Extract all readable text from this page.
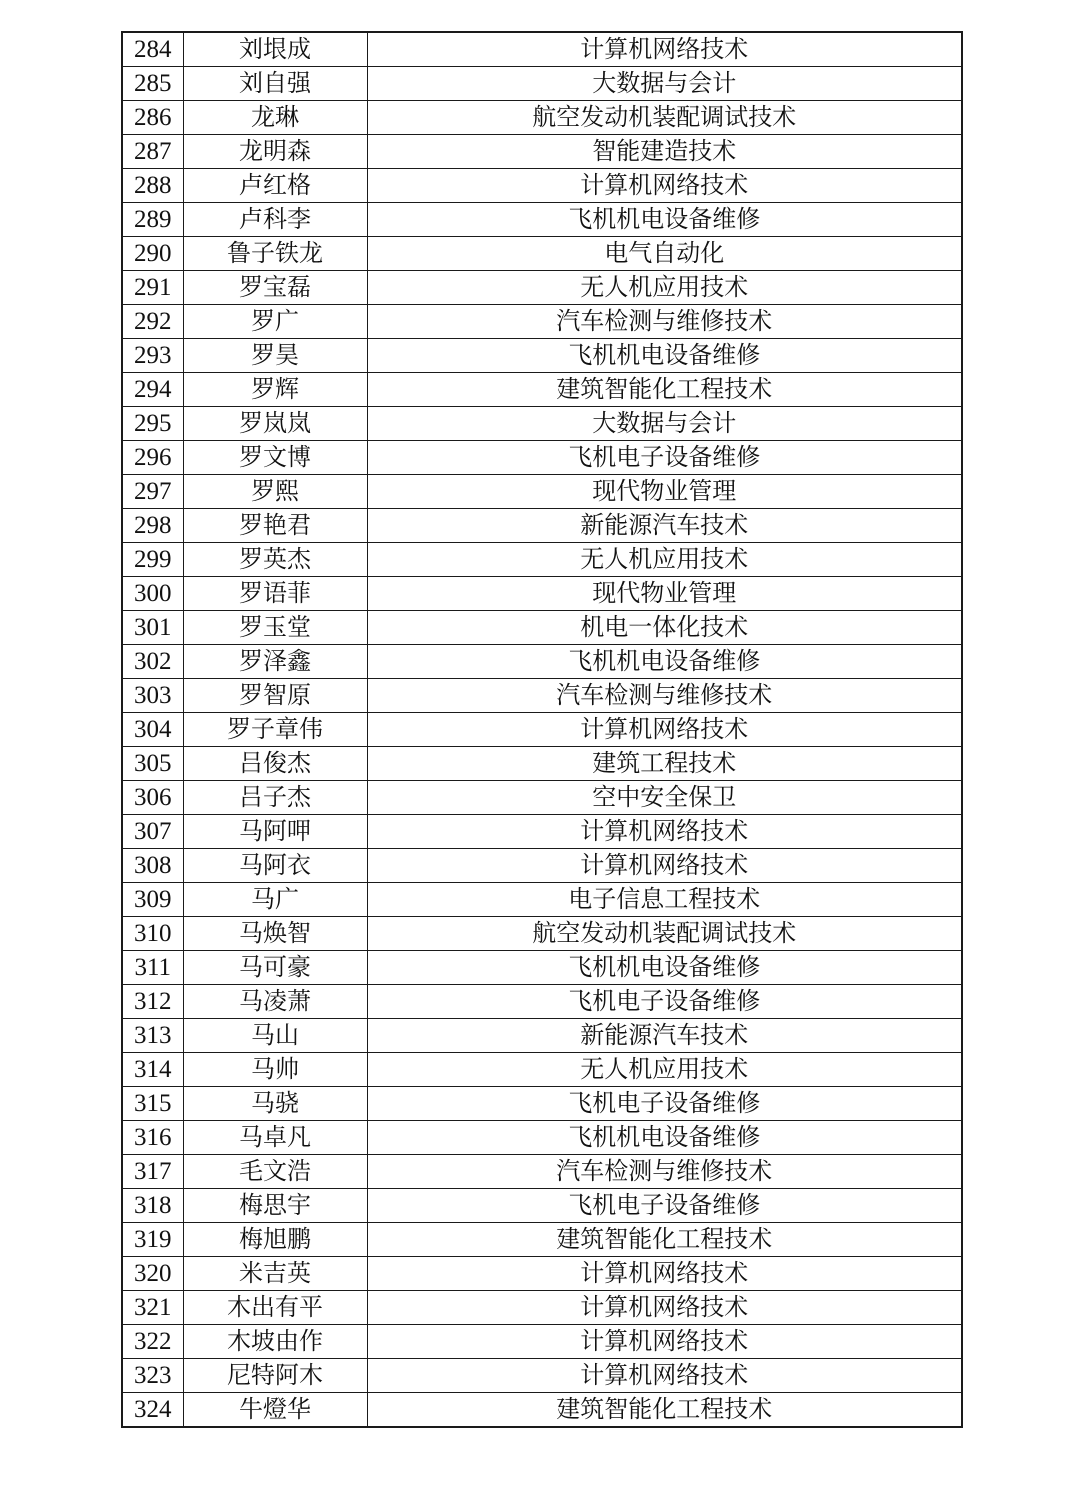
284	刘垠成	计算机网络技术
285	刘自强	大数据与会计
286	龙琳	航空发动机装配调试技术
287	龙明森	智能建造技术
288	卢红格	计算机网络技术
289	卢科李	飞机机电设备维修
290	鲁子铁龙	电气自动化
291	罗宝磊	无人机应用技术
292	罗广	汽车检测与维修技术
293	罗昊	飞机机电设备维修
294	罗辉	建筑智能化工程技术
295	罗岚岚	大数据与会计
296	罗文博	飞机电子设备维修
297	罗熙	现代物业管理
298	罗艳君	新能源汽车技术
299	罗英杰	无人机应用技术
300	罗语菲	现代物业管理
301	罗玉堂	机电一体化技术
302	罗泽鑫	飞机机电设备维修
303	罗智原	汽车检测与维修技术
304	罗子章伟	计算机网络技术
305	吕俊杰	建筑工程技术
306	吕子杰	空中安全保卫
307	马阿呷	计算机网络技术
308	马阿衣	计算机网络技术
309	马广	电子信息工程技术
310	马焕智	航空发动机装配调试技术
311	马可豪	飞机机电设备维修
312	马凌萧	飞机电子设备维修
313	马山	新能源汽车技术
314	马帅	无人机应用技术
315	马骁	飞机电子设备维修
316	马卓凡	飞机机电设备维修
317	毛文浩	汽车检测与维修技术
318	梅思宇	飞机电子设备维修
319	梅旭鹏	建筑智能化工程技术
320	米吉英	计算机网络技术
321	木出有平	计算机网络技术
322	木坡由作	计算机网络技术
323	尼特阿木	计算机网络技术
324	牛燈华	建筑智能化工程技术
